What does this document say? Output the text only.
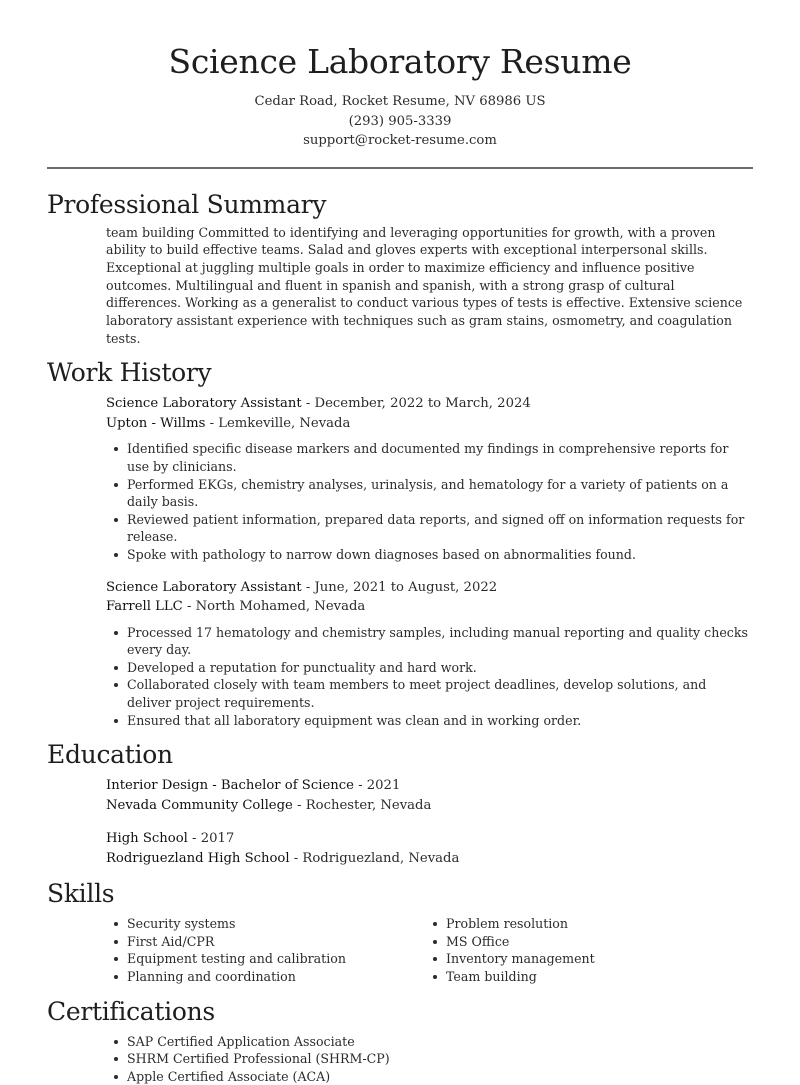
Science Laboratory Resume
Cedar Road, Rocket Resume, NV 68986 US
(293) 905-3339
support@rocket-resume.com
Professional Summary

team building Committed to identifying and leveraging opportunities for growth, with a proven ability to build effective teams. Salad and gloves experts with exceptional interpersonal skills. Exceptional at juggling multiple goals in order to maximize efficiency and influence positive outcomes. Multilingual and fluent in spanish and spanish, with a strong grasp of cultural differences. Working as a generalist to conduct various types of tests is effective. Extensive science laboratory assistant experience with techniques such as gram stains, osmometry, and coagulation tests.

Work History
Science Laboratory Assistant - December, 2022 to March, 2024
Upton - Willms - Lemkeville, Nevada
Identified specific disease markers and documented my findings in comprehensive reports for use by clinicians.
Performed EKGs, chemistry analyses, urinalysis, and hematology for a variety of patients on a daily basis.
Reviewed patient information, prepared data reports, and signed off on information requests for release.
Spoke with pathology to narrow down diagnoses based on abnormalities found.
Science Laboratory Assistant - June, 2021 to August, 2022
Farrell LLC - North Mohamed, Nevada
Processed 17 hematology and chemistry samples, including manual reporting and quality checks every day.
Developed a reputation for punctuality and hard work.
Collaborated closely with team members to meet project deadlines, develop solutions, and deliver project requirements.
Ensured that all laboratory equipment was clean and in working order.
Education
Interior Design - Bachelor of Science - 2021
Nevada Community College - Rochester, Nevada
High School - 2017
Rodriguezland High School - Rodriguezland, Nevada
Skills
Security systems
First Aid/CPR
Equipment testing and calibration
Planning and coordination
Problem resolution
MS Office
Inventory management
Team building
Certifications
SAP Certified Application Associate
SHRM Certified Professional (SHRM-CP)
Apple Certified Associate (ACA)
